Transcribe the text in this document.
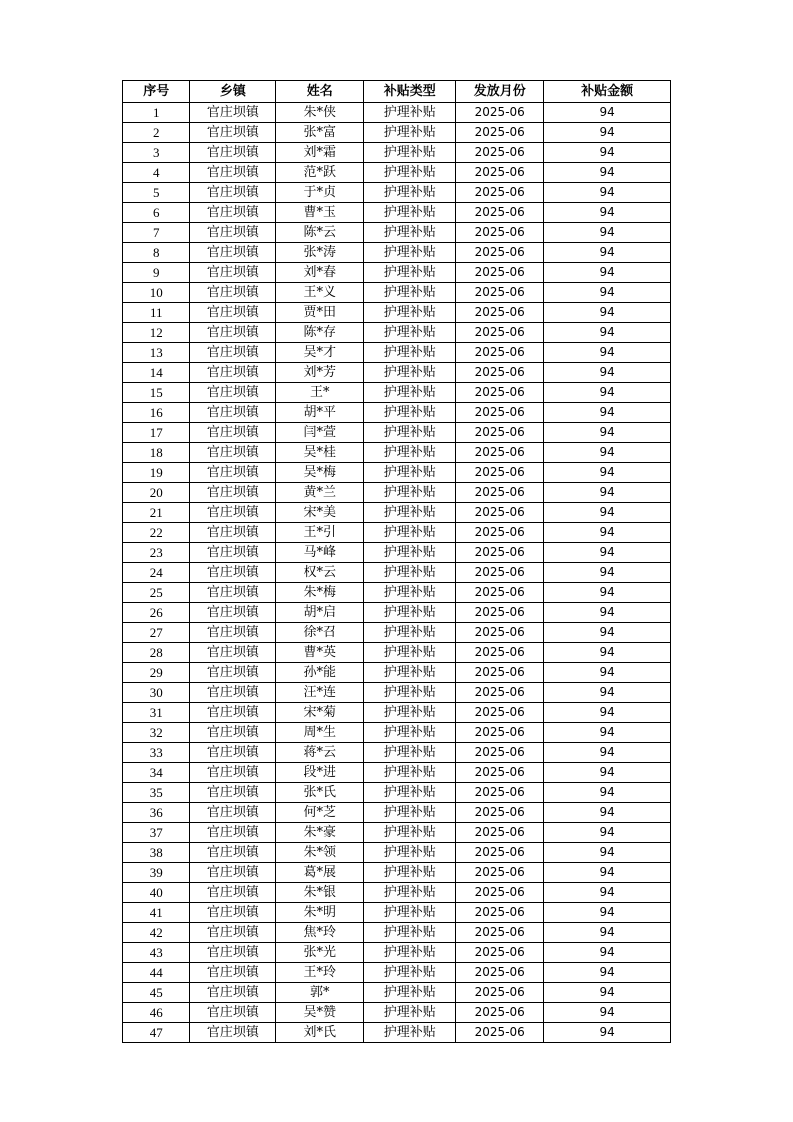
序号	乡镇	姓名	补贴类型	发放月份	补贴金额
1	官庄坝镇	朱*侠	护理补贴	2025-06	94
2	官庄坝镇	张*富	护理补贴	2025-06	94
3	官庄坝镇	刘*霜	护理补贴	2025-06	94
4	官庄坝镇	范*跃	护理补贴	2025-06	94
5	官庄坝镇	于*贞	护理补贴	2025-06	94
6	官庄坝镇	曹*玉	护理补贴	2025-06	94
7	官庄坝镇	陈*云	护理补贴	2025-06	94
8	官庄坝镇	张*涛	护理补贴	2025-06	94
9	官庄坝镇	刘*春	护理补贴	2025-06	94
10	官庄坝镇	王*义	护理补贴	2025-06	94
11	官庄坝镇	贾*田	护理补贴	2025-06	94
12	官庄坝镇	陈*存	护理补贴	2025-06	94
13	官庄坝镇	吴*才	护理补贴	2025-06	94
14	官庄坝镇	刘*芳	护理补贴	2025-06	94
15	官庄坝镇	王*	护理补贴	2025-06	94
16	官庄坝镇	胡*平	护理补贴	2025-06	94
17	官庄坝镇	闫*萱	护理补贴	2025-06	94
18	官庄坝镇	吴*桂	护理补贴	2025-06	94
19	官庄坝镇	吴*梅	护理补贴	2025-06	94
20	官庄坝镇	黄*兰	护理补贴	2025-06	94
21	官庄坝镇	宋*美	护理补贴	2025-06	94
22	官庄坝镇	王*引	护理补贴	2025-06	94
23	官庄坝镇	马*峰	护理补贴	2025-06	94
24	官庄坝镇	权*云	护理补贴	2025-06	94
25	官庄坝镇	朱*梅	护理补贴	2025-06	94
26	官庄坝镇	胡*启	护理补贴	2025-06	94
27	官庄坝镇	徐*召	护理补贴	2025-06	94
28	官庄坝镇	曹*英	护理补贴	2025-06	94
29	官庄坝镇	孙*能	护理补贴	2025-06	94
30	官庄坝镇	汪*连	护理补贴	2025-06	94
31	官庄坝镇	宋*菊	护理补贴	2025-06	94
32	官庄坝镇	周*生	护理补贴	2025-06	94
33	官庄坝镇	蒋*云	护理补贴	2025-06	94
34	官庄坝镇	段*进	护理补贴	2025-06	94
35	官庄坝镇	张*氏	护理补贴	2025-06	94
36	官庄坝镇	何*芝	护理补贴	2025-06	94
37	官庄坝镇	朱*豪	护理补贴	2025-06	94
38	官庄坝镇	朱*领	护理补贴	2025-06	94
39	官庄坝镇	葛*展	护理补贴	2025-06	94
40	官庄坝镇	朱*银	护理补贴	2025-06	94
41	官庄坝镇	朱*明	护理补贴	2025-06	94
42	官庄坝镇	焦*玲	护理补贴	2025-06	94
43	官庄坝镇	张*光	护理补贴	2025-06	94
44	官庄坝镇	王*玲	护理补贴	2025-06	94
45	官庄坝镇	郭*	护理补贴	2025-06	94
46	官庄坝镇	吴*赞	护理补贴	2025-06	94
47	官庄坝镇	刘*氏	护理补贴	2025-06	94
